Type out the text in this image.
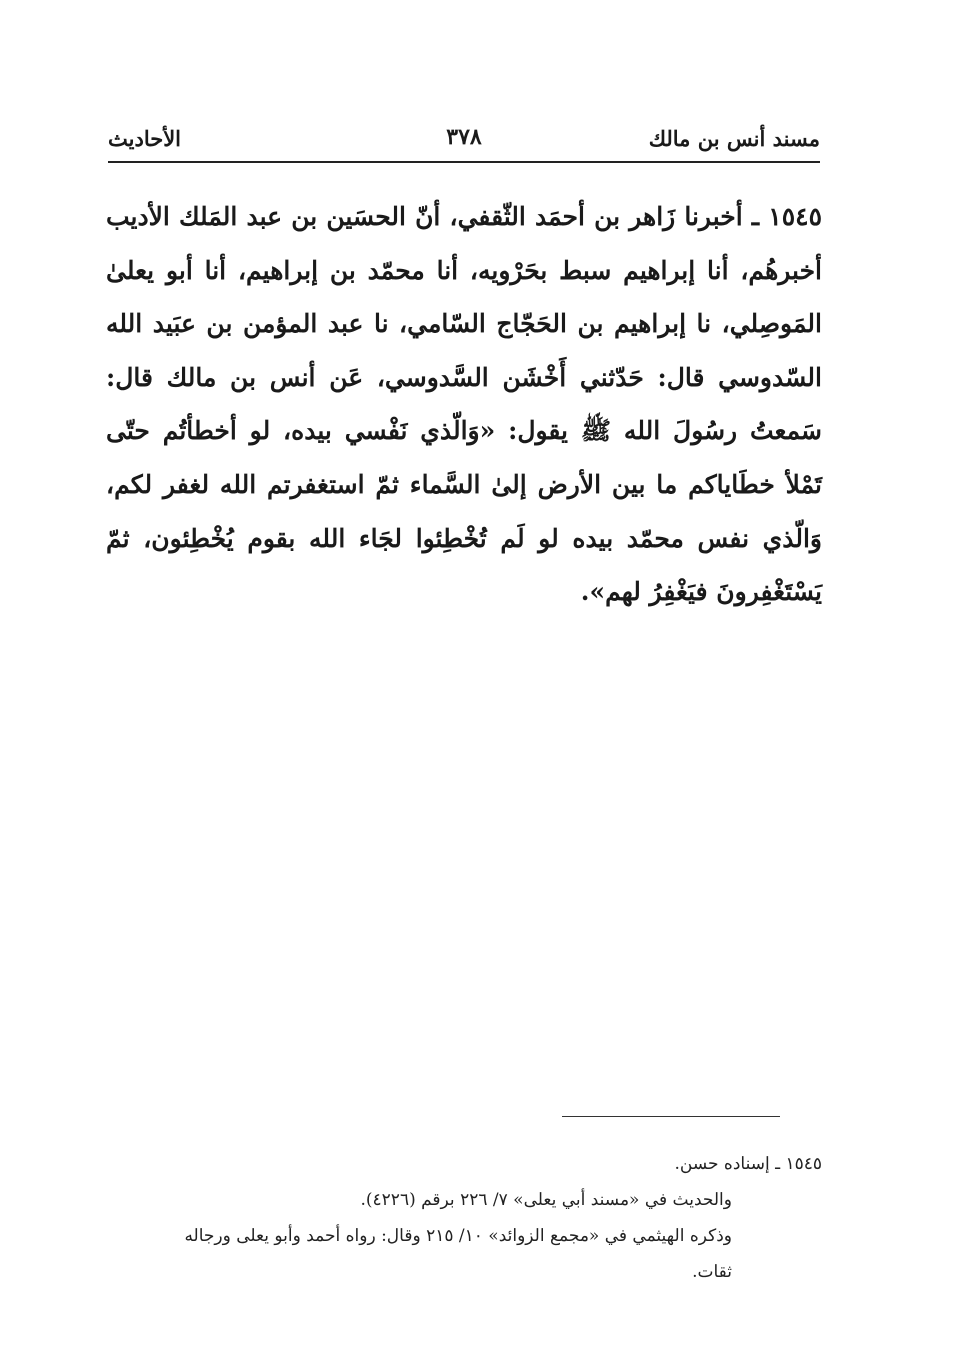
مسند أنس بن مالك
٣٧٨
الأحاديث
١٥٤٥ ـ أخبرنا زَاهر بن أحمَد الثّقفي، أنّ الحسَين بن عبد المَلك الأديب أخبرهُم، أنا إبراهيم سبط بحَرْويه، أنا محمّد بن إبراهيم، أنا أبو يعلىٰ المَوصِلي، نا إبراهيم بن الحَجّاج السّامي، نا عبد المؤمن بن عبَيد الله السّدوسي قال: حَدّثني أَخْشَن السَّدوسي، عَن أنس بن مالك قال: سَمعتُ رسُولَ الله ﷺ يقول: «وَالّذي نَفْسي بيده، لو أخطأتُم حتّى تَمْلأ خطَاياكم ما بين الأرض إلىٰ السَّماء ثمّ استغفرتم الله لغفر لكم، وَالّذي نفس محمّد بيده لو لَم تُخْطِئوا لجَاء الله بقوم يُخْطِئون، ثمّ يَسْتَغْفِرونَ فيَغْفِرُ لهم».
١٥٤٥ ـ إسناده حسن.
والحديث في «مسند أبي يعلى» ٧/ ٢٢٦ برقم (٤٢٢٦).
وذكره الهيثمي في «مجمع الزوائد» ١٠/ ٢١٥ وقال: رواه أحمد وأبو يعلى ورجاله
ثقات.
